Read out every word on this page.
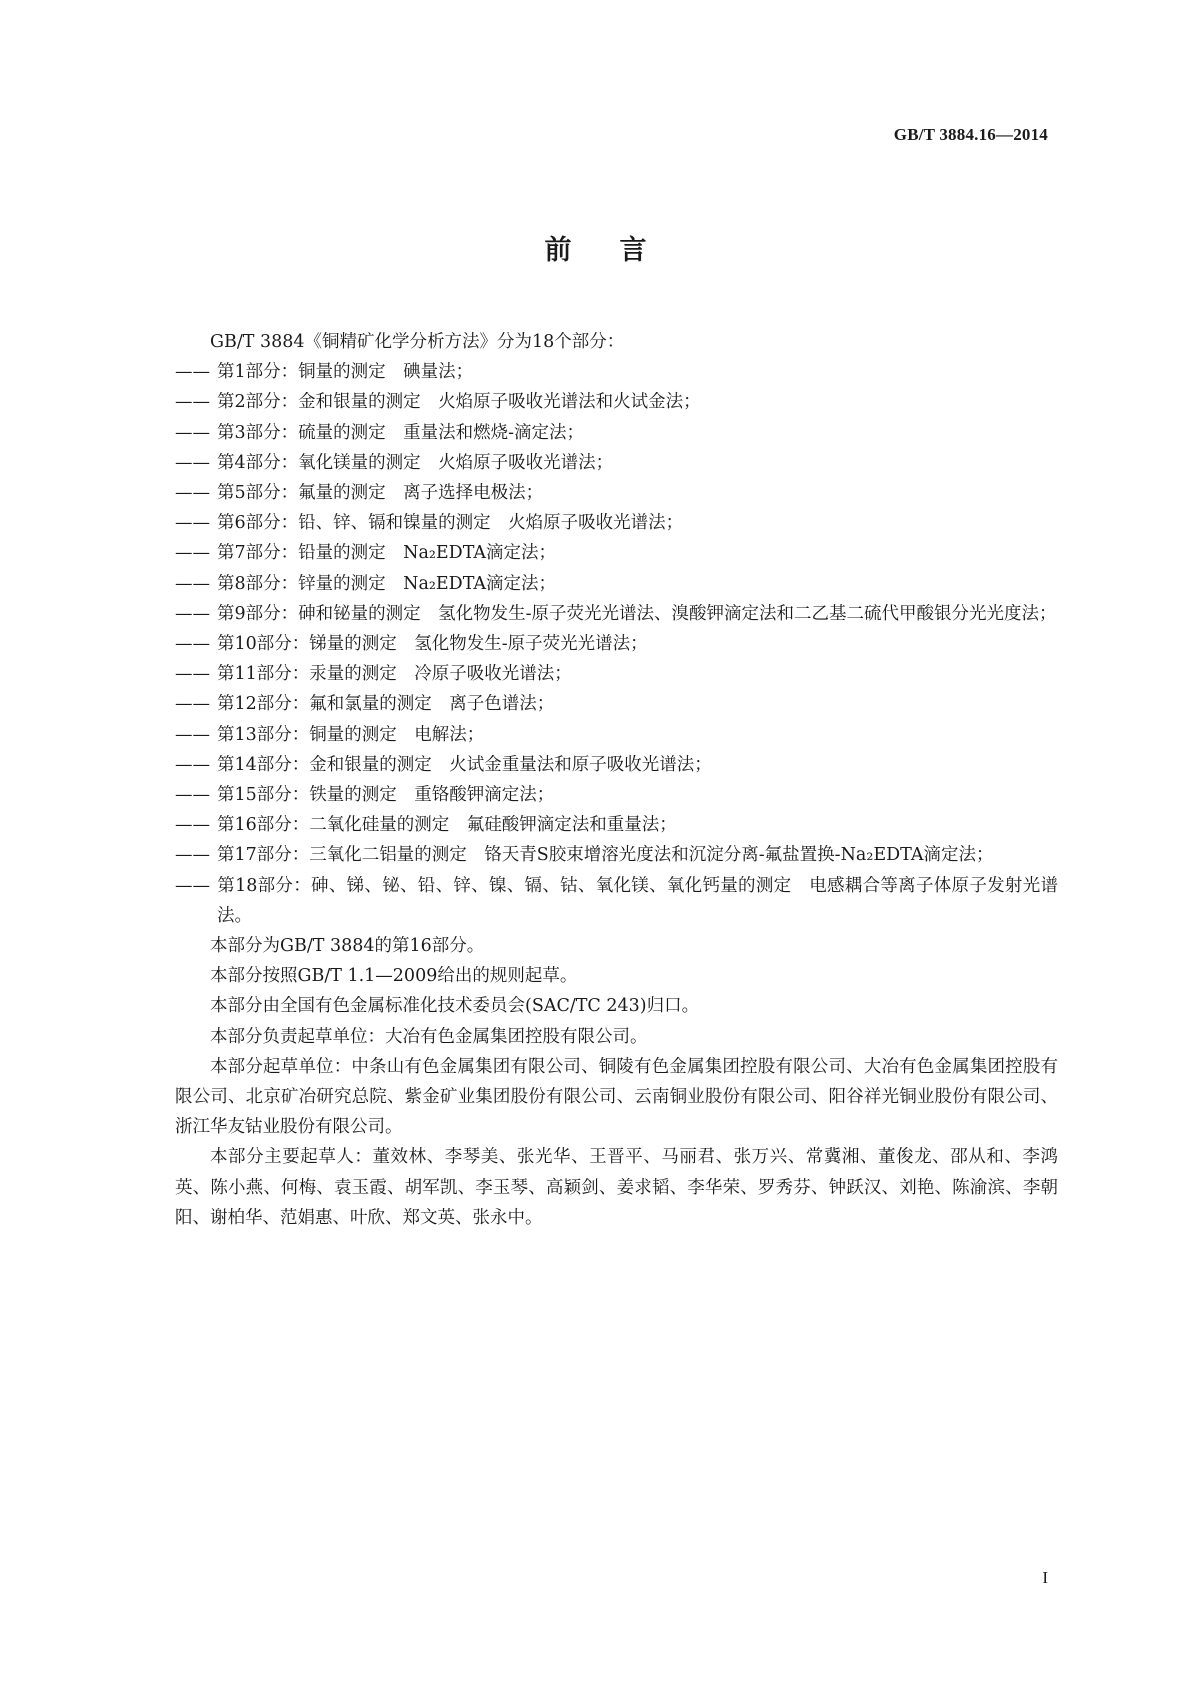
GB/T 3884.16—2014
前言

GB/T 3884《铜精矿化学分析方法》分为18个部分：

—— 第1部分：铜量的测定　碘量法；

—— 第2部分：金和银量的测定　火焰原子吸收光谱法和火试金法；

—— 第3部分：硫量的测定　重量法和燃烧-滴定法；

—— 第4部分：氧化镁量的测定　火焰原子吸收光谱法；

—— 第5部分：氟量的测定　离子选择电极法；

—— 第6部分：铅、锌、镉和镍量的测定　火焰原子吸收光谱法；

—— 第7部分：铅量的测定　Na₂EDTA滴定法；

—— 第8部分：锌量的测定　Na₂EDTA滴定法；

—— 第9部分：砷和铋量的测定　氢化物发生-原子荧光光谱法、溴酸钾滴定法和二乙基二硫代甲酸银分光光度法；

—— 第10部分：锑量的测定　氢化物发生-原子荧光光谱法；

—— 第11部分：汞量的测定　冷原子吸收光谱法；

—— 第12部分：氟和氯量的测定　离子色谱法；

—— 第13部分：铜量的测定　电解法；

—— 第14部分：金和银量的测定　火试金重量法和原子吸收光谱法；

—— 第15部分：铁量的测定　重铬酸钾滴定法；

—— 第16部分：二氧化硅量的测定　氟硅酸钾滴定法和重量法；

—— 第17部分：三氧化二铝量的测定　铬天青S胶束增溶光度法和沉淀分离-氟盐置换-Na₂EDTA滴定法；

—— 第18部分：砷、锑、铋、铅、锌、镍、镉、钴、氧化镁、氧化钙量的测定　电感耦合等离子体原子发射光谱法。

本部分为GB/T 3884的第16部分。

本部分按照GB/T 1.1—2009给出的规则起草。

本部分由全国有色金属标准化技术委员会(SAC/TC 243)归口。

本部分负责起草单位：大冶有色金属集团控股有限公司。

本部分起草单位：中条山有色金属集团有限公司、铜陵有色金属集团控股有限公司、大冶有色金属集团控股有限公司、北京矿冶研究总院、紫金矿业集团股份有限公司、云南铜业股份有限公司、阳谷祥光铜业股份有限公司、浙江华友钴业股份有限公司。

本部分主要起草人：董效林、李琴美、张光华、王晋平、马丽君、张万兴、常冀湘、董俊龙、邵从和、李鸿英、陈小燕、何梅、袁玉霞、胡军凯、李玉琴、高颖剑、姜求韬、李华荣、罗秀芬、钟跃汉、刘艳、陈渝滨、李朝阳、谢柏华、范娟惠、叶欣、郑文英、张永中。

I
